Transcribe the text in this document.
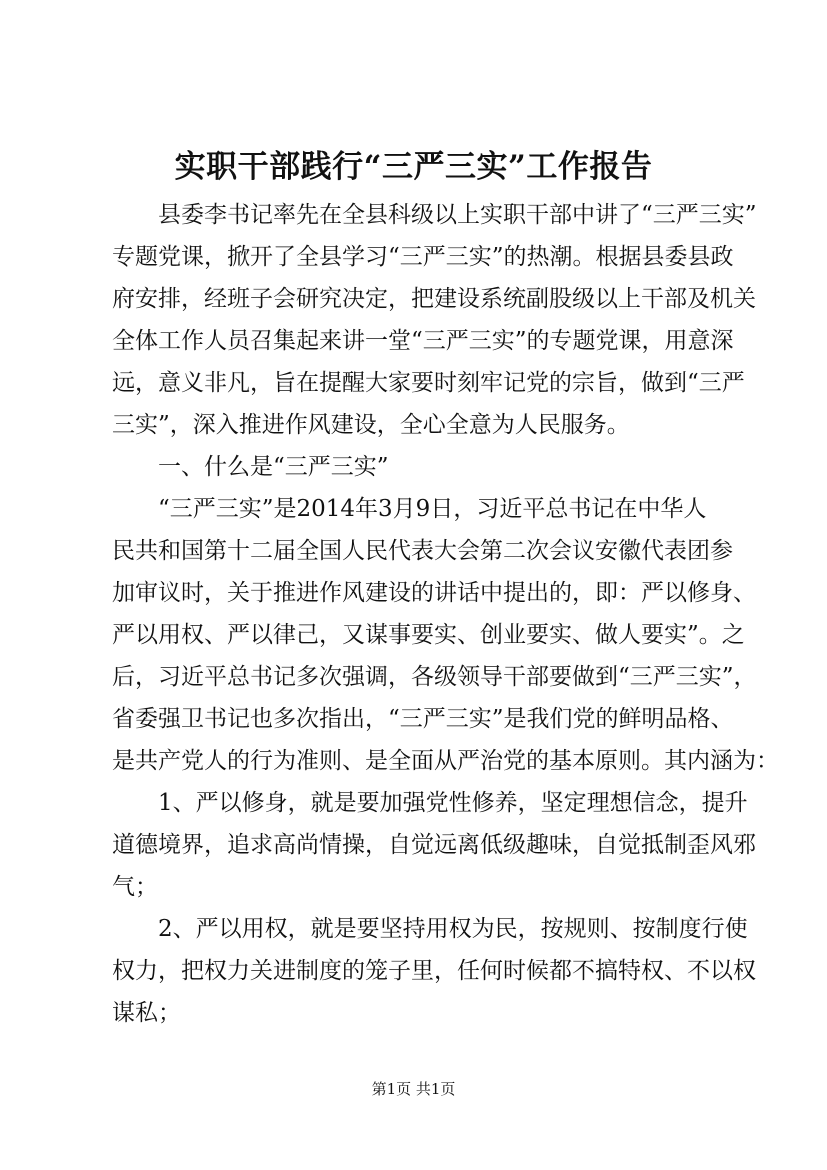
实职干部践行“三严三实”工作报告
县委李书记率先在全县科级以上实职干部中讲了“三严三实”
专题党课，掀开了全县学习“三严三实”的热潮。根据县委县政
府安排，经班子会研究决定，把建设系统副股级以上干部及机关
全体工作人员召集起来讲一堂“三严三实”的专题党课，用意深
远，意义非凡，旨在提醒大家要时刻牢记党的宗旨，做到“三严
三实”，深入推进作风建设，全心全意为人民服务。
一、什么是“三严三实”
“三严三实”是2014年3月9日，习近平总书记在中华人
民共和国第十二届全国人民代表大会第二次会议安徽代表团参
加审议时，关于推进作风建设的讲话中提出的，即：严以修身、
严以用权、严以律己，又谋事要实、创业要实、做人要实”。之
后，习近平总书记多次强调，各级领导干部要做到“三严三实”，
省委强卫书记也多次指出，“三严三实”是我们党的鲜明品格、
是共产党人的行为准则、是全面从严治党的基本原则。其内涵为：
1、严以修身，就是要加强党性修养，坚定理想信念，提升
道德境界，追求高尚情操，自觉远离低级趣味，自觉抵制歪风邪
气；
2、严以用权，就是要坚持用权为民，按规则、按制度行使
权力，把权力关进制度的笼子里，任何时候都不搞特权、不以权
谋私；
第1页 共1页
